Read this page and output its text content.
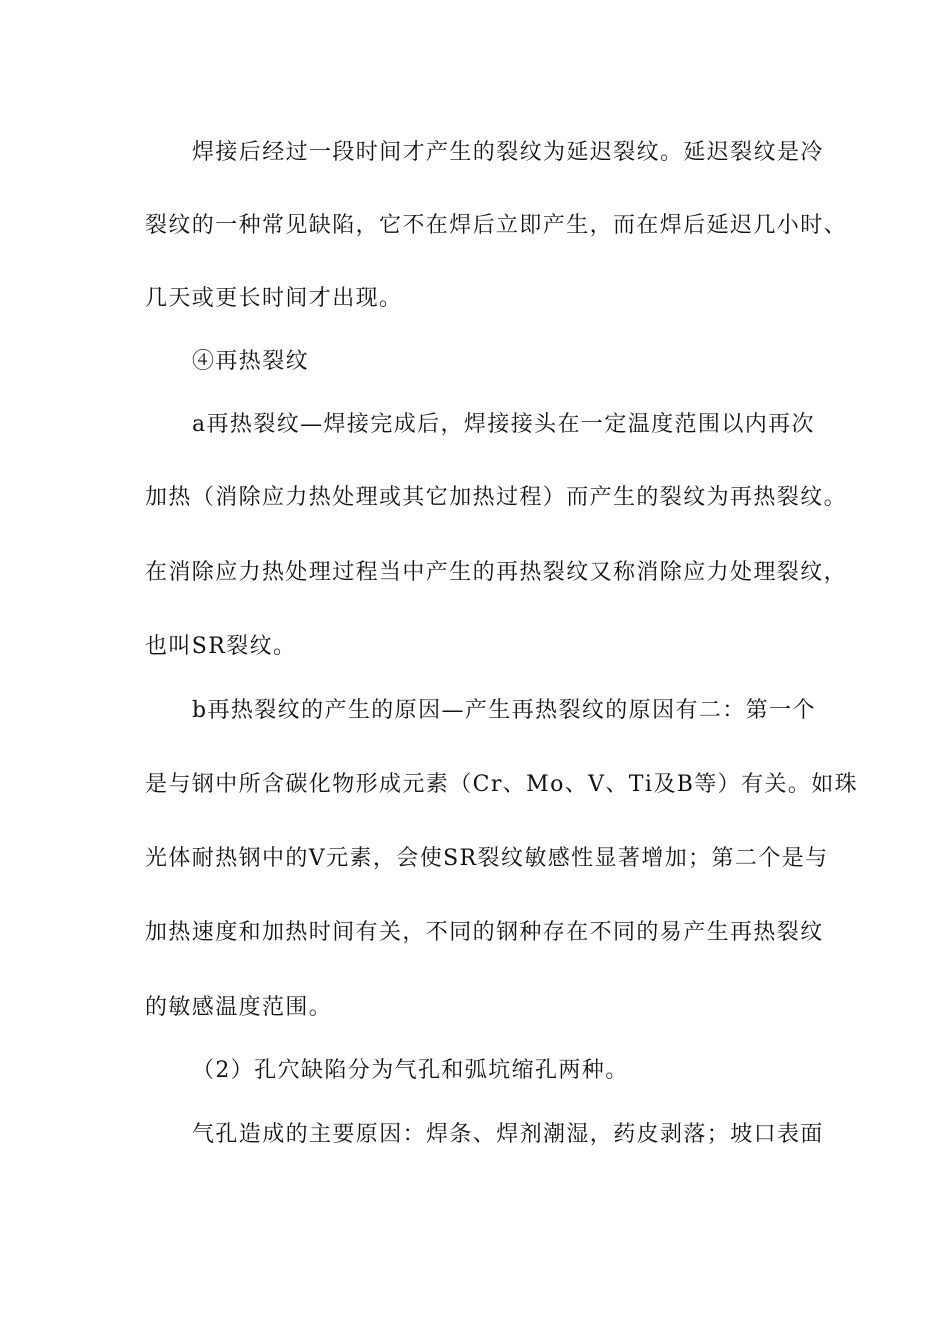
焊接后经过一段时间才产生的裂纹为延迟裂纹。延迟裂纹是冷
裂纹的一种常见缺陷，它不在焊后立即产生，而在焊后延迟几小时、
几天或更长时间才出现。
④再热裂纹
a再热裂纹—焊接完成后，焊接接头在一定温度范围以内再次
加热（消除应力热处理或其它加热过程）而产生的裂纹为再热裂纹。
在消除应力热处理过程当中产生的再热裂纹又称消除应力处理裂纹，
也叫SR裂纹。
b再热裂纹的产生的原因—产生再热裂纹的原因有二：第一个
是与钢中所含碳化物形成元素（Cr、Mo、V、Ti及B等）有关。如珠
光体耐热钢中的V元素，会使SR裂纹敏感性显著增加；第二个是与
加热速度和加热时间有关，不同的钢种存在不同的易产生再热裂纹
的敏感温度范围。
（2）孔穴缺陷分为气孔和弧坑缩孔两种。
气孔造成的主要原因：焊条、焊剂潮湿，药皮剥落；坡口表面
